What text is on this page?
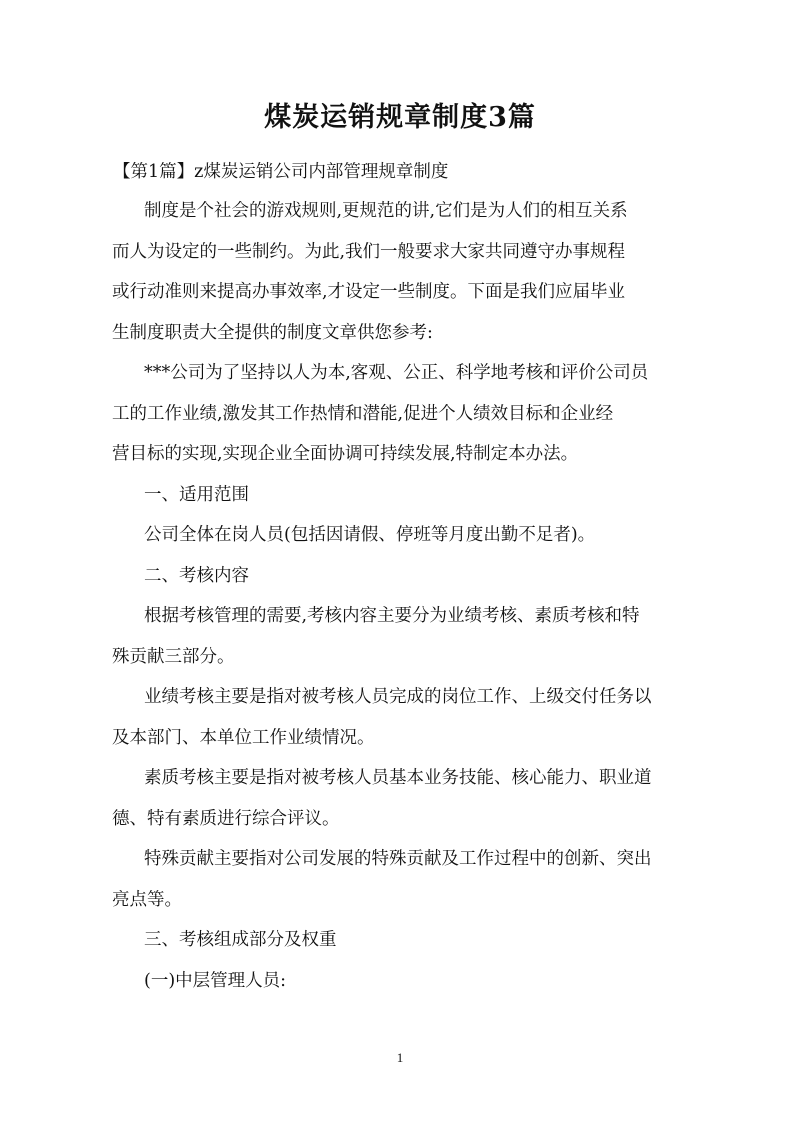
煤炭运销规章制度3篇
【第1篇】z煤炭运销公司内部管理规章制度
制度是个社会的游戏规则,更规范的讲,它们是为人们的相互关系
而人为设定的一些制约。为此,我们一般要求大家共同遵守办事规程
或行动准则来提高办事效率,才设定一些制度。下面是我们应届毕业
生制度职责大全提供的制度文章供您参考:
***公司为了坚持以人为本,客观、公正、科学地考核和评价公司员
工的工作业绩,激发其工作热情和潜能,促进个人绩效目标和企业经
营目标的实现,实现企业全面协调可持续发展,特制定本办法。
一、适用范围
公司全体在岗人员(包括因请假、停班等月度出勤不足者)。
二、考核内容
根据考核管理的需要,考核内容主要分为业绩考核、素质考核和特
殊贡献三部分。
业绩考核主要是指对被考核人员完成的岗位工作、上级交付任务以
及本部门、本单位工作业绩情况。
素质考核主要是指对被考核人员基本业务技能、核心能力、职业道
德、特有素质进行综合评议。
特殊贡献主要指对公司发展的特殊贡献及工作过程中的创新、突出
亮点等。
三、考核组成部分及权重
(一)中层管理人员:
1
